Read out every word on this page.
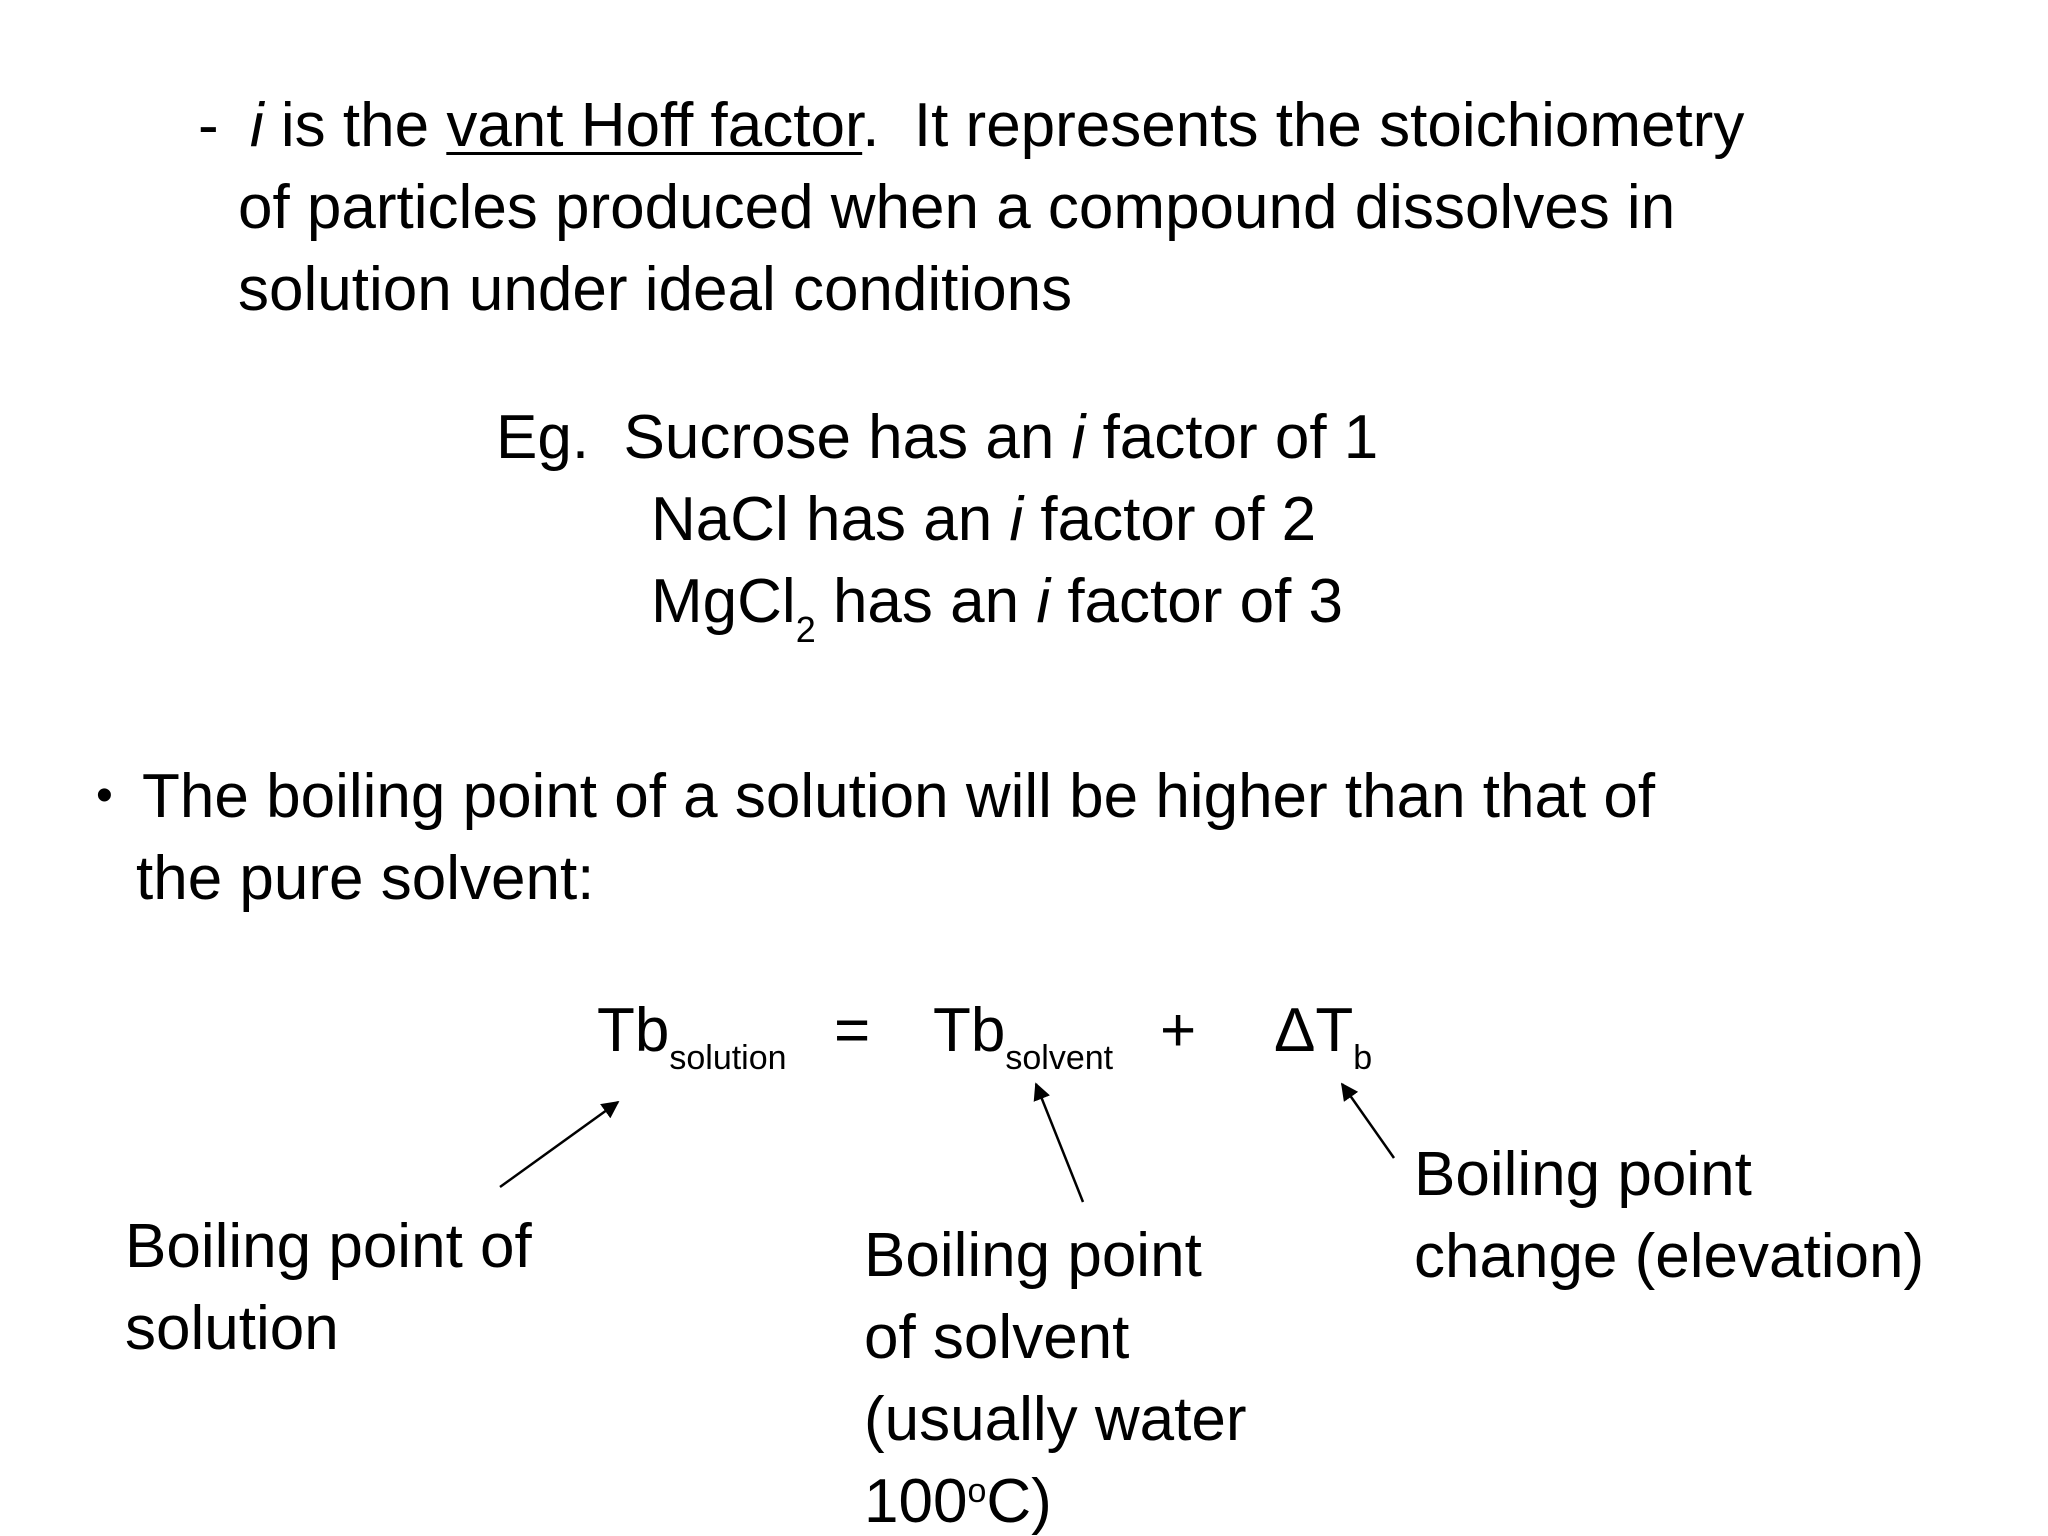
- i is the vant Hoff factor.  It represents the stoichiometry
of particles produced when a compound dissolves in
solution under ideal conditions
Eg.  Sucrose has an i factor of 1
NaCl has an i factor of 2
MgCl$_2$ has an i factor of 3
• The boiling point of a solution will be higher than that of
the pure solvent:
$Tb_{solution} = Tb_{solvent} + \Delta T_b$
Boiling point of
solution
Boiling point
of solvent
(usually water
100$^o$C)
Boiling point
change (elevation)
